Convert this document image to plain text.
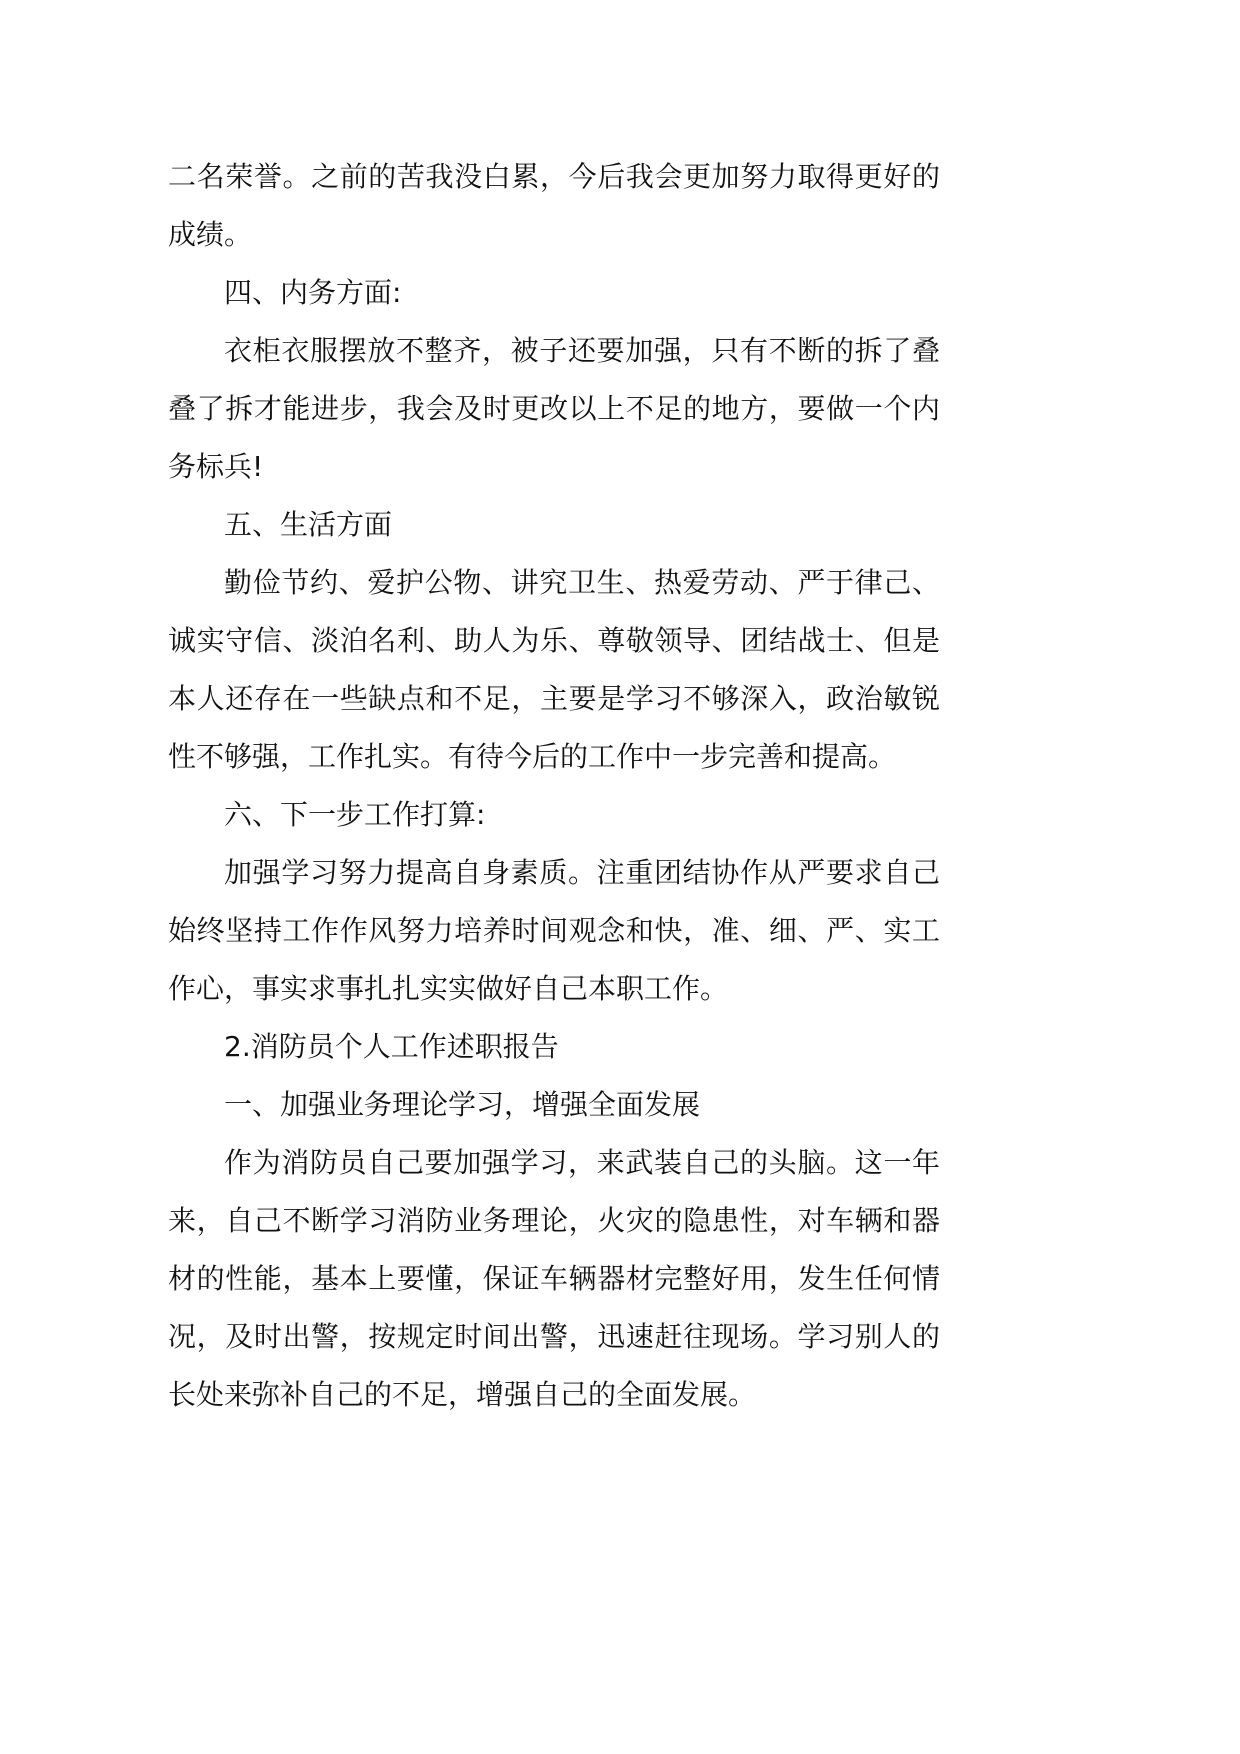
二名荣誉。之前的苦我没白累，今后我会更加努力取得更好的
成绩。
四、内务方面:
衣柜衣服摆放不整齐，被子还要加强，只有不断的拆了叠
叠了拆才能进步，我会及时更改以上不足的地方，要做一个内
务标兵!
五、生活方面
勤俭节约、爱护公物、讲究卫生、热爱劳动、严于律己、
诚实守信、淡泊名利、助人为乐、尊敬领导、团结战士、但是
本人还存在一些缺点和不足，主要是学习不够深入，政治敏锐
性不够强，工作扎实。有待今后的工作中一步完善和提高。
六、下一步工作打算:
加强学习努力提高自身素质。注重团结协作从严要求自己
始终坚持工作作风努力培养时间观念和快，准、细、严、实工
作心，事实求事扎扎实实做好自己本职工作。
2.消防员个人工作述职报告
一、加强业务理论学习，增强全面发展
作为消防员自己要加强学习，来武装自己的头脑。这一年
来，自己不断学习消防业务理论，火灾的隐患性，对车辆和器
材的性能，基本上要懂，保证车辆器材完整好用，发生任何情
况，及时出警，按规定时间出警，迅速赶往现场。学习别人的
长处来弥补自己的不足，增强自己的全面发展。
